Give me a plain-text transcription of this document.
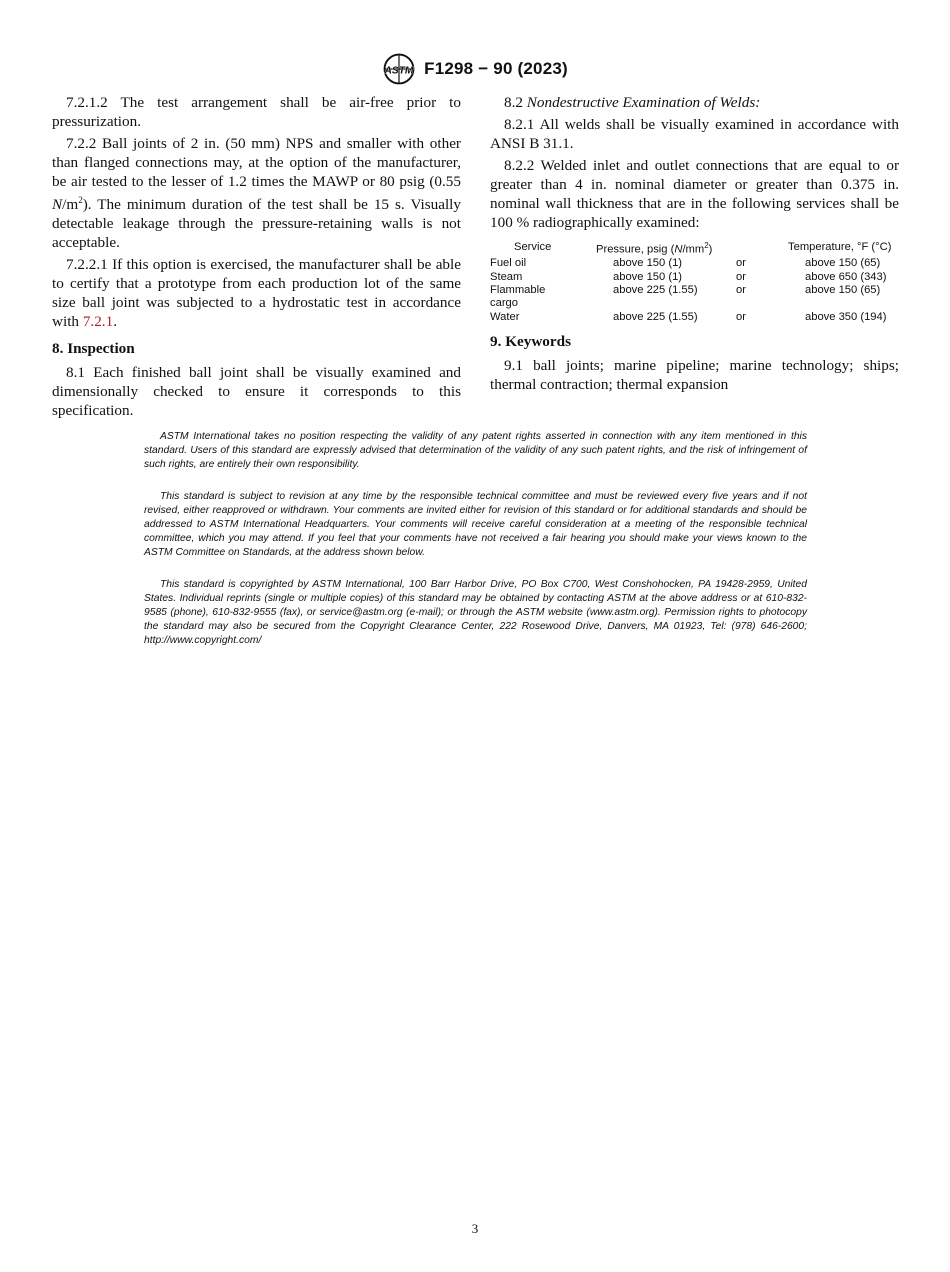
ASTM F1298 − 90 (2023)

7.2.1.2 The test arrangement shall be air-free prior to pressurization.

7.2.2 Ball joints of 2 in. (50 mm) NPS and smaller with other than flanged connections may, at the option of the manufacturer, be air tested to the lesser of 1.2 times the MAWP or 80 psig (0.55 $N/m^2$). The minimum duration of the test shall be 15 s. Visually detectable leakage through the pressure-retaining walls is not acceptable.

7.2.2.1 If this option is exercised, the manufacturer shall be able to certify that a prototype from each production lot of the same size ball joint was subjected to a hydrostatic test in accordance with 7.2.1.

8. Inspection

8.1 Each finished ball joint shall be visually examined and dimensionally checked to ensure it corresponds to this specification.

8.2 Nondestructive Examination of Welds:

8.2.1 All welds shall be visually examined in accordance with ANSI B 31.1.

8.2.2 Welded inlet and outlet connections that are equal to or greater than 4 in. nominal diameter or greater than 0.375 in. nominal wall thickness that are in the following services shall be 100 % radiographically examined:

Service	Pressure, psig $(N/mm^2)$		Temperature, °F (°C)
Fuel oil	above 150 (1)	or	above 150 (65)
Steam	above 150 (1)	or	above 650 (343)
Flammable	above 225 (1.55)	or	above 150 (65)
cargo			
Water	above 225 (1.55)	or	above 350 (194)
9. Keywords

9.1 ball joints; marine pipeline; marine technology; ships; thermal contraction; thermal expansion

ASTM International takes no position respecting the validity of any patent rights asserted in connection with any item mentioned in this standard. Users of this standard are expressly advised that determination of the validity of any such patent rights, and the risk of infringement of such rights, are entirely their own responsibility.

This standard is subject to revision at any time by the responsible technical committee and must be reviewed every five years and if not revised, either reapproved or withdrawn. Your comments are invited either for revision of this standard or for additional standards and should be addressed to ASTM International Headquarters. Your comments will receive careful consideration at a meeting of the responsible technical committee, which you may attend. If you feel that your comments have not received a fair hearing you should make your views known to the ASTM Committee on Standards, at the address shown below.

This standard is copyrighted by ASTM International, 100 Barr Harbor Drive, PO Box C700, West Conshohocken, PA 19428-2959, United States. Individual reprints (single or multiple copies) of this standard may be obtained by contacting ASTM at the above address or at 610-832-9585 (phone), 610-832-9555 (fax), or service@astm.org (e-mail); or through the ASTM website (www.astm.org). Permission rights to photocopy the standard may also be secured from the Copyright Clearance Center, 222 Rosewood Drive, Danvers, MA 01923, Tel: (978) 646-2600; http://www.copyright.com/

3
